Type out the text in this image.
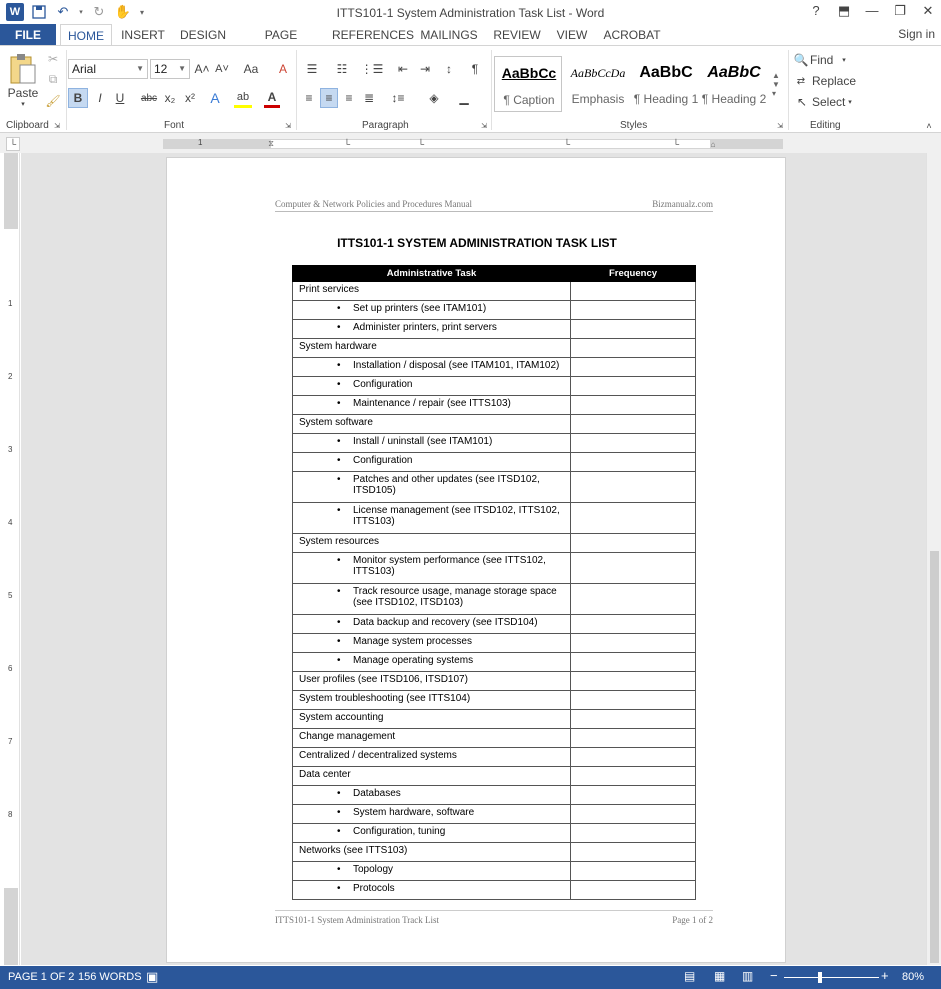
W	↶	▾ ↻ ✋ ▾	ITTS101-1 System Administration Task List - Word	? ⬒ — ❐ ✕
FILE	HOME	INSERT DESIGN	PAGE	REFERENCES MAILINGS REVIEW	VIEW	ACROBAT	Sign in
Paste
▾
✂
⧉
🖌
Clipboard ⇲
Arial	▼ 12 ▼ A˄ A˅	Aa	A
B	I	U	abc x₂ x²	A	ab	A
Font	⇲
☰	☷	⋮☰	⇤ ⇥	↕	¶
≡	≡	≡ ≣	↕≡	◈	▁
Paragraph	⇲
AaBbCc
¶ Caption
AaBbCcDa
Emphasis
AaBbC
¶ Heading 1
AaBbC
¶ Heading 2
▲
▼
▾
Styles	⇲
🔍 Find	▾
⇄ Replace
↖ Select ▾
Editing	˄
└	1	⧖	└	└	└	└	⌂
1
2
3
4
5
6
7
8
Computer & Network Policies and Procedures Manual	Bizmanualz.com
ITTS101-1 SYSTEM ADMINISTRATION TASK LIST
Administrative Task	Frequency
Print services	

• Set up printers (see ITAM101)	

• Administer printers, print servers	

System hardware	

• Installation / disposal (see ITAM101, ITAM102)	

• Configuration	

• Maintenance / repair (see ITTS103)	

System software	

• Install / uninstall (see ITAM101)	

• Configuration	

• Patches and other updates (see ITSD102, ITSD105)	

• License management (see ITSD102, ITTS102, ITTS103)	

System resources	

• Monitor system performance (see ITTS102, ITTS103)	

• Track resource usage, manage storage space (see ITSD102, ITSD103)	

• Data backup and recovery (see ITSD104)	

• Manage system processes	

• Manage operating systems	

User profiles (see ITSD106, ITSD107)	
System troubleshooting (see ITTS104)	
System accounting	
Change management	
Centralized / decentralized systems	
Data center	

• Databases	

• System hardware, software	

• Configuration, tuning	

Networks (see ITTS103)	

• Topology	

• Protocols	

ITTS101-1 System Administration Track List	Page 1 of 2
PAGE 1 OF 2 156 WORDS ▣	▤ ▦ ▥ −	+ 80%
